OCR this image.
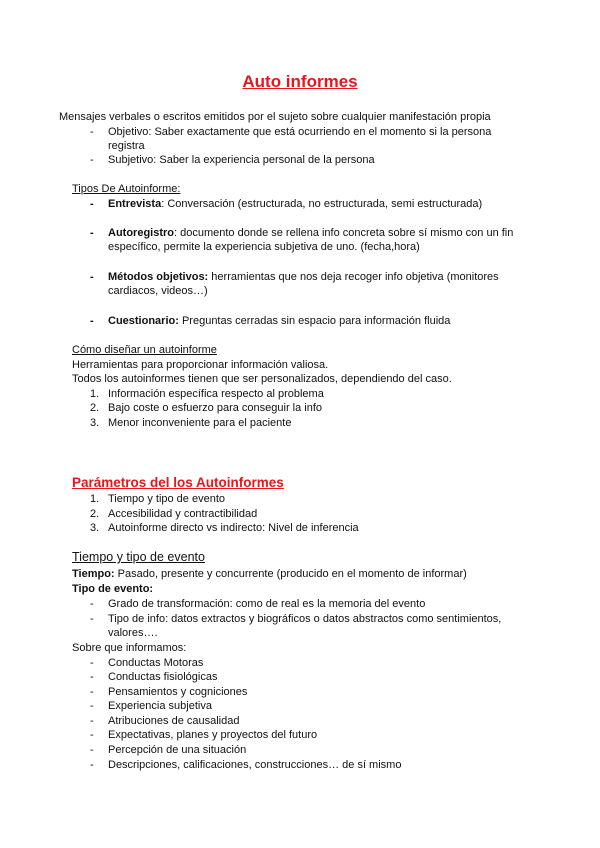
Auto informes
Mensajes verbales o escritos emitidos por el sujeto sobre cualquier manifestación propia
- Objetivo: Saber exactamente que está ocurriendo en el momento si la persona
registra
- Subjetivo: Saber la experiencia personal de la persona
Tipos De Autoinforme:
- Entrevista: Conversación (estructurada, no estructurada, semi estructurada)
- Autoregistro: documento donde se rellena info concreta sobre sí mismo con un fin
específico, permite la experiencia subjetiva de uno. (fecha,hora)
- Métodos objetivos: herramientas que nos deja recoger info objetiva (monitores
cardiacos, videos…)
- Cuestionario: Preguntas cerradas sin espacio para información fluida
Cómo diseñar un autoinforme
Herramientas para proporcionar información valiosa.
Todos los autoinformes tienen que ser personalizados, dependiendo del caso.
1. Información específica respecto al problema
2. Bajo coste o esfuerzo para conseguir la info
3. Menor inconveniente para el paciente
Parámetros del los Autoinformes
1. Tiempo y tipo de evento
2. Accesibilidad y contractibilidad
3. Autoinforme directo vs indirecto: Nivel de inferencia
Tiempo y tipo de evento
Tiempo: Pasado, presente y concurrente (producido en el momento de informar)
Tipo de evento:
- Grado de transformación: como de real es la memoria del evento
- Tipo de info: datos extractos y biográficos o datos abstractos como sentimientos,
valores….
Sobre que informamos:
- Conductas Motoras
- Conductas fisiológicas
- Pensamientos y cogniciones
- Experiencia subjetiva
- Atribuciones de causalidad
- Expectativas, planes y proyectos del futuro
- Percepción de una situación
- Descripciones, calificaciones, construcciones… de sí mismo
